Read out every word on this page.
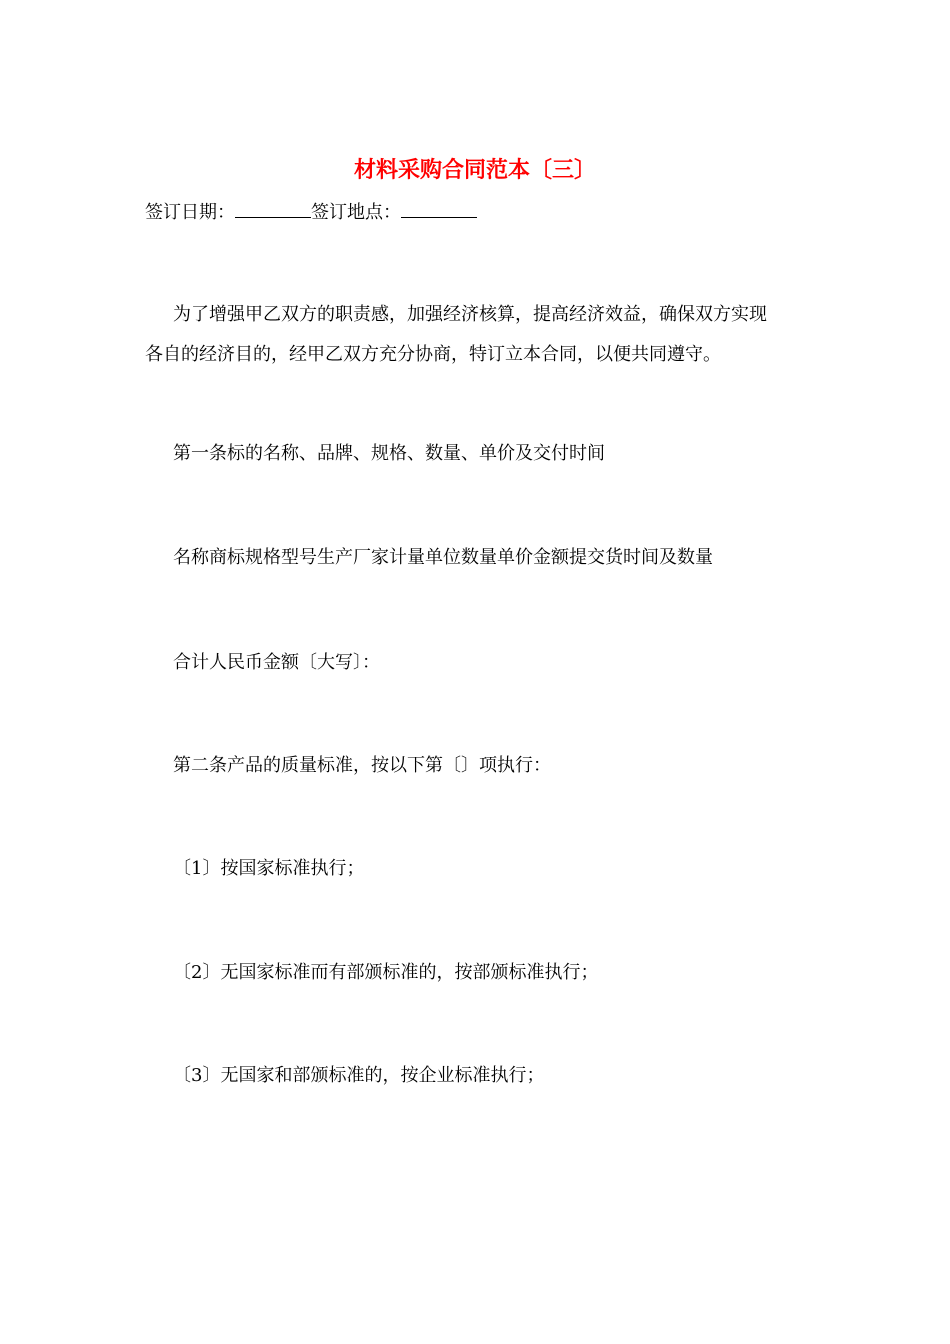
材料采购合同范本〔三〕
签订日期：	签订地点：
为了增强甲乙双方的职责感，加强经济核算，提高经济效益，确保双方实现
各自的经济目的，经甲乙双方充分协商，特订立本合同，以便共同遵守。
第一条标的名称、品牌、规格、数量、单价及交付时间
名称商标规格型号生产厂家计量单位数量单价金额提交货时间及数量
合计人民币金额〔大写〕：
第二条产品的质量标准，按以下第〔〕项执行：
〔1〕按国家标准执行；
〔2〕无国家标准而有部颁标准的，按部颁标准执行；
〔3〕无国家和部颁标准的，按企业标准执行；
